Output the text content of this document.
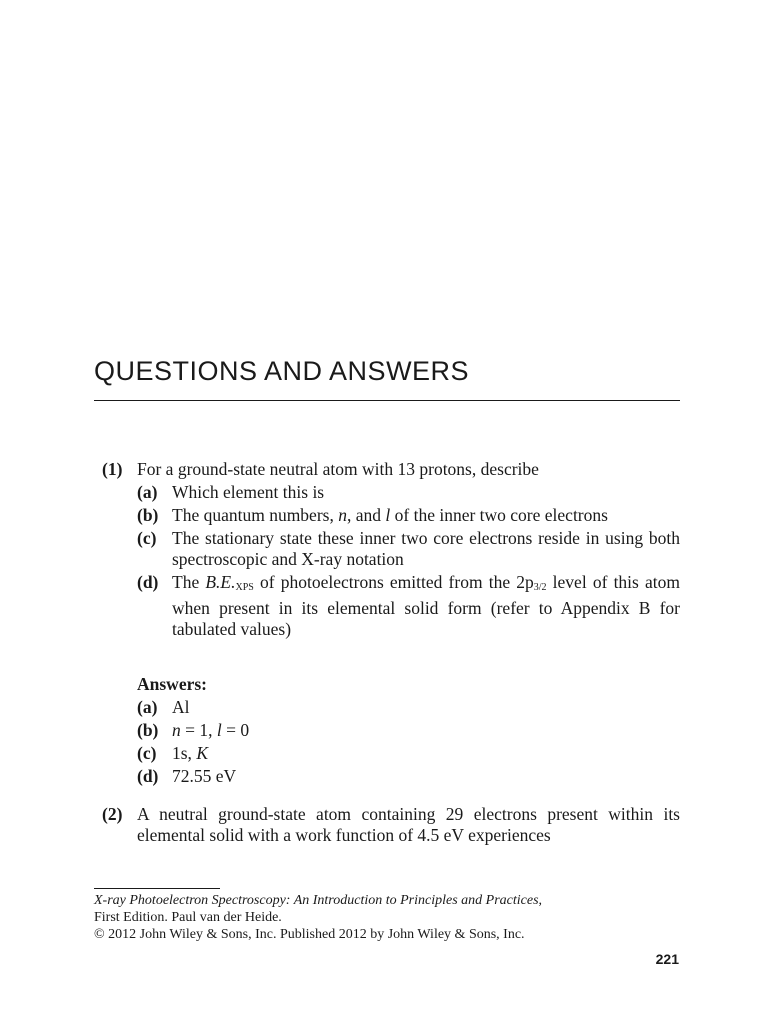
QUESTIONS AND ANSWERS
(1) For a ground-state neutral atom with 13 protons, describe
(a) Which element this is
(b) The quantum numbers, n, and l of the inner two core electrons
(c) The stationary state these inner two core electrons reside in using both spectroscopic and X-ray notation
(d) The $B.E._{XPS}$ of photoelectrons emitted from the $2p_{3/2}$ level of this atom when present in its elemental solid form (refer to Appendix B for tabulated values)
Answers:
(a) Al
(b) n = 1, l = 0
(c) 1s, K
(d) 72.55 eV
(2) A neutral ground-state atom containing 29 electrons present within its elemental solid with a work function of 4.5 eV experiences
X-ray Photoelectron Spectroscopy: An Introduction to Principles and Practices,
First Edition. Paul van der Heide.
© 2012 John Wiley & Sons, Inc. Published 2012 by John Wiley & Sons, Inc.
221
